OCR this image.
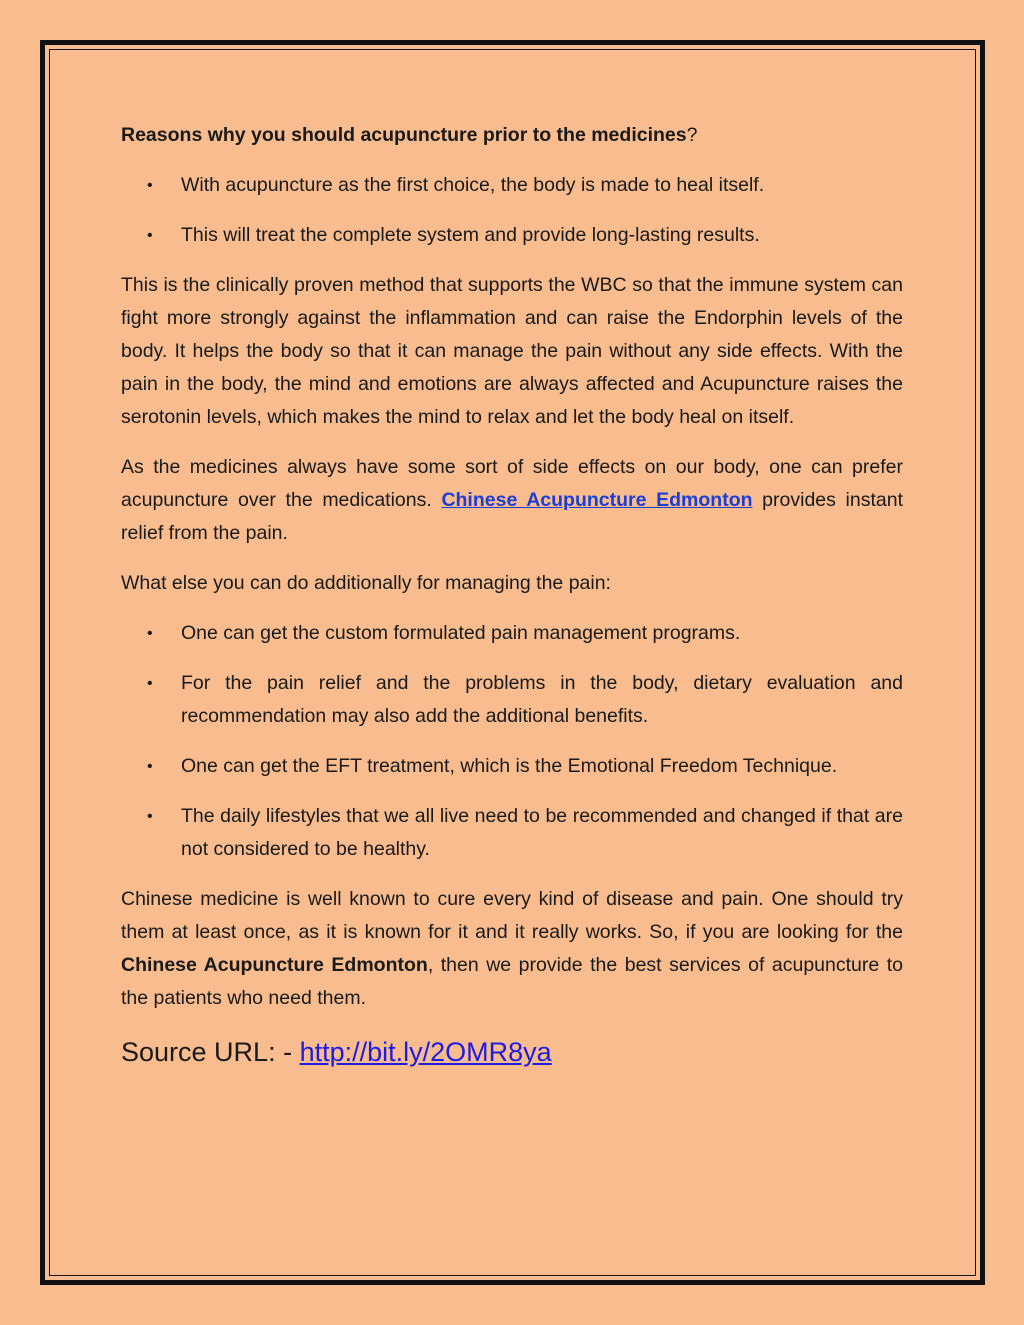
Reasons why you should acupuncture prior to the medicines?
• With acupuncture as the first choice, the body is made to heal itself.
• This will treat the complete system and provide long-lasting results.

This is the clinically proven method that supports the WBC so that the immune system can fight more strongly against the inflammation and can raise the Endorphin levels of the body. It helps the body so that it can manage the pain without any side effects. With the pain in the body, the mind and emotions are always affected and Acupuncture raises the serotonin levels, which makes the mind to relax and let the body heal on itself.

As the medicines always have some sort of side effects on our body, one can prefer acupuncture over the medications. Chinese Acupuncture Edmonton provides instant relief from the pain.

What else you can do additionally for managing the pain:

• One can get the custom formulated pain management programs.
• For the pain relief and the problems in the body, dietary evaluation and recommendation may also add the additional benefits.
• One can get the EFT treatment, which is the Emotional Freedom Technique.
• The daily lifestyles that we all live need to be recommended and changed if that are not considered to be healthy.

Chinese medicine is well known to cure every kind of disease and pain. One should try them at least once, as it is known for it and it really works. So, if you are looking for the Chinese Acupuncture Edmonton, then we provide the best services of acupuncture to the patients who need them.

Source URL: - http://bit.ly/2OMR8ya
